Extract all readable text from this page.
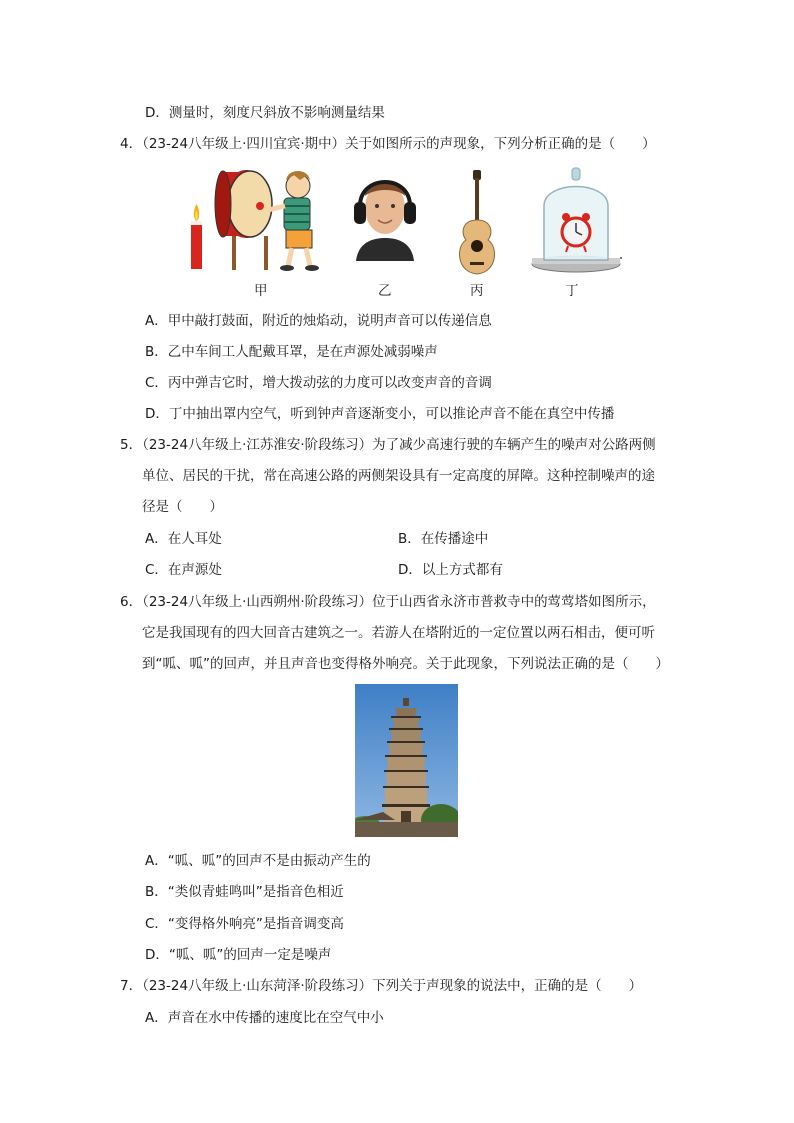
D．测量时，刻度尺斜放不影响测量结果
4．（23-24八年级上·四川宜宾·期中）关于如图所示的声现象，下列分析正确的是（　　）
甲	乙	丙	丁
A．甲中敲打鼓面，附近的烛焰动，说明声音可以传递信息
B．乙中车间工人配戴耳罩，是在声源处减弱噪声
C．丙中弹吉它时，增大拨动弦的力度可以改变声音的音调
D．丁中抽出罩内空气，听到钟声音逐渐变小，可以推论声音不能在真空中传播
5．（23-24八年级上·江苏淮安·阶段练习）为了减少高速行驶的车辆产生的噪声对公路两侧
单位、居民的干扰，常在高速公路的两侧架设具有一定高度的屏障。这种控制噪声的途
径是（　　）
A．在人耳处	B．在传播途中
C．在声源处	D．以上方式都有
6．（23-24八年级上·山西朔州·阶段练习）位于山西省永济市普救寺中的莺莺塔如图所示，
它是我国现有的四大回音古建筑之一。若游人在塔附近的一定位置以两石相击，便可听
到“呱、呱”的回声，并且声音也变得格外响亮。关于此现象，下列说法正确的是（　　）
A．“呱、呱”的回声不是由振动产生的
B．“类似青蛙鸣叫”是指音色相近
C．“变得格外响亮”是指音调变高
D．“呱、呱”的回声一定是噪声
7．（23-24八年级上·山东菏泽·阶段练习）下列关于声现象的说法中，正确的是（　　）
A．声音在水中传播的速度比在空气中小
